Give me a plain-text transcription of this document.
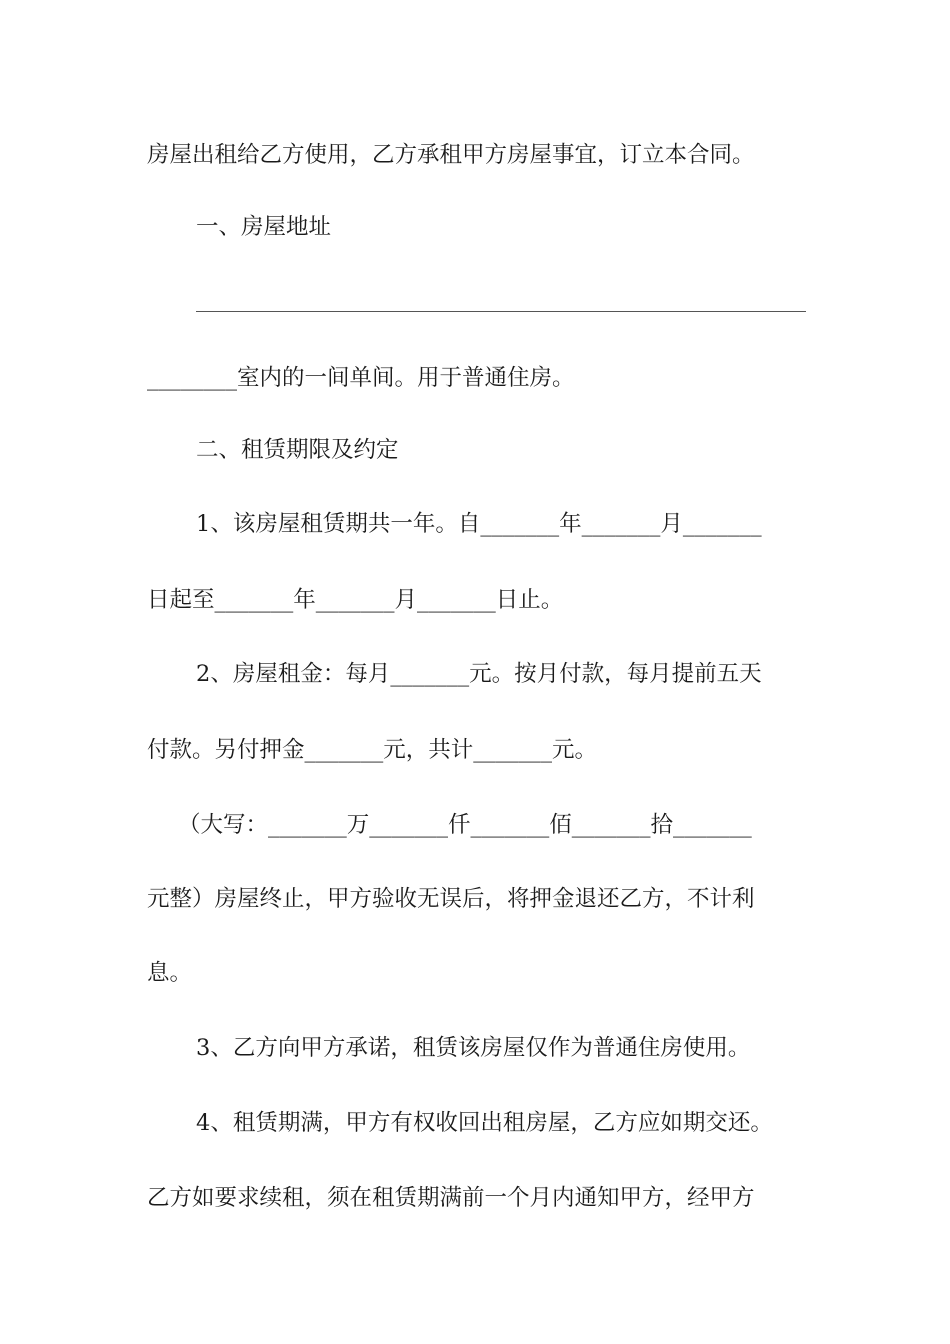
房屋出租给乙方使用，乙方承租甲方房屋事宜，订立本合同。
一、房屋地址
________室内的一间单间。用于普通住房。
二、租赁期限及约定
1、该房屋租赁期共一年。自_______年_______月_______
日起至_______年_______月_______日止。
2、房屋租金：每月_______元。按月付款，每月提前五天
付款。另付押金_______元，共计_______元。
（大写：_______万_______仟_______佰_______拾_______
元整）房屋终止，甲方验收无误后，将押金退还乙方，不计利
息。
3、乙方向甲方承诺，租赁该房屋仅作为普通住房使用。
4、租赁期满，甲方有权收回出租房屋，乙方应如期交还。
乙方如要求续租，须在租赁期满前一个月内通知甲方，经甲方
